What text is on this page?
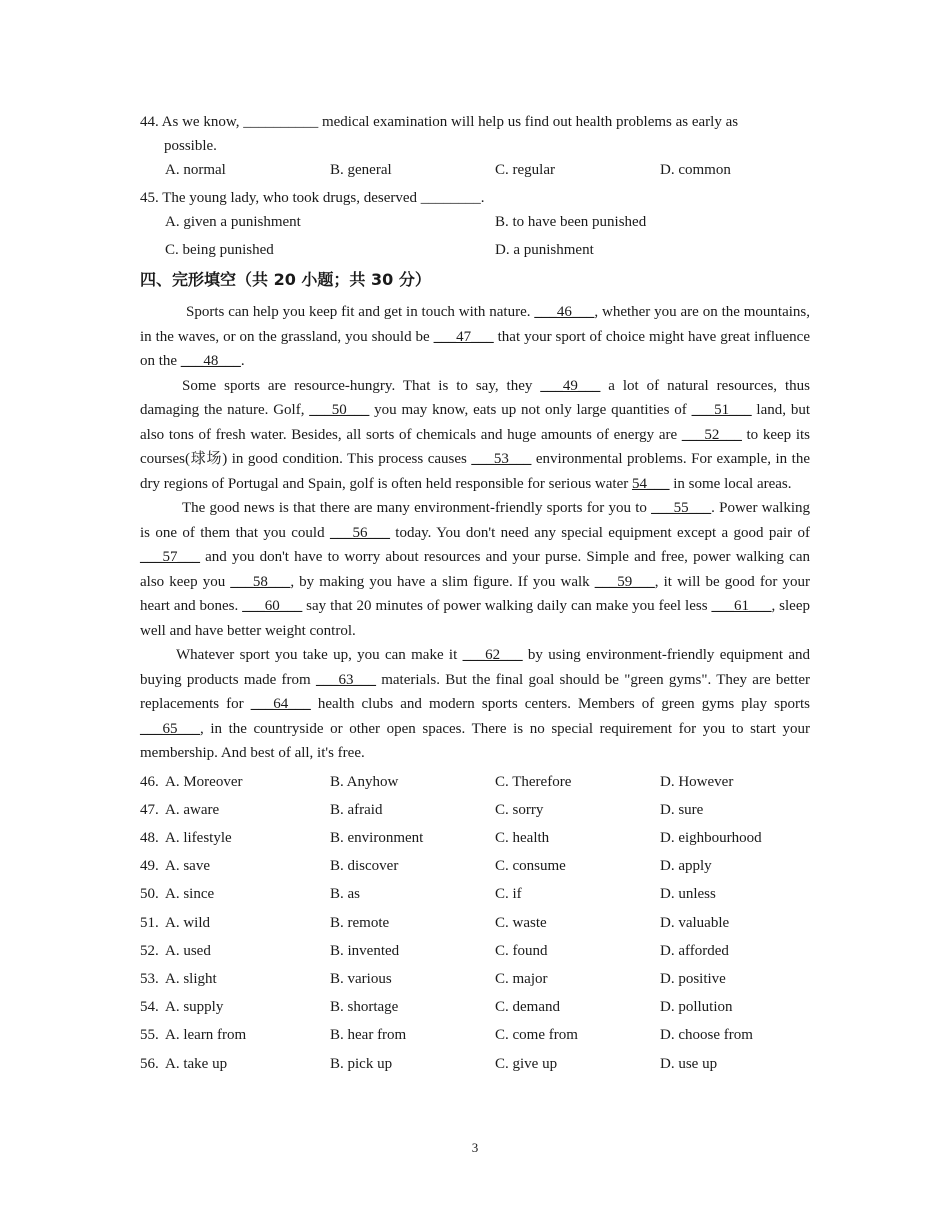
44. As we know, __________ medical examination will help us find out health problems as early as
possible.
A. normal	B. general	C. regular	D. common
45. The young lady, who took drugs, deserved ________.
A. given a punishment	B. to have been punished
C. being punished	D. a punishment
四、完形填空（共 20 小题；共 30 分）
Sports can help you keep fit and get in touch with nature. ___46___, whether you are on the mountains, in the waves, or on the grassland, you should be ___47___ that your sport of choice might have great influence on the ___48___.
Some sports are resource-hungry. That is to say, they ___49___ a lot of natural resources, thus damaging the nature. Golf, ___50___ you may know, eats up not only large quantities of ___51___ land, but also tons of fresh water. Besides, all sorts of chemicals and huge amounts of energy are ___52___ to keep its courses(球场) in good condition. This process causes ___53___ environmental problems. For example, in the dry regions of Portugal and Spain, golf is often held responsible for serious water 54___ in some local areas.
The good news is that there are many environment-friendly sports for you to ___55___. Power walking is one of them that you could ___56___ today. You don't need any special equipment except a good pair of ___57___ and you don't have to worry about resources and your purse. Simple and free, power walking can also keep you ___58___, by making you have a slim figure. If you walk ___59___, it will be good for your heart and bones. ___60___ say that 20 minutes of power walking daily can make you feel less ___61___, sleep well and have better weight control.
Whatever sport you take up, you can make it ___62___ by using environment-friendly equipment and buying products made from ___63___ materials. But the final goal should be "green gyms". They are better replacements for ___64___ health clubs and modern sports centers. Members of green gyms play sports ___65___, in the countryside or other open spaces. There is no special requirement for you to start your membership. And best of all, it's free.
46. A. Moreover	B. Anyhow	C. Therefore	D. However
47. A. aware	B. afraid	C. sorry	D. sure
48. A. lifestyle	B. environment	C. health	D. eighbourhood
49. A. save	B. discover	C. consume	D. apply
50. A. since	B. as	C. if	D. unless
51. A. wild	B. remote	C. waste	D. valuable
52. A. used	B. invented	C. found	D. afforded
53. A. slight	B. various	C. major	D. positive
54. A. supply	B. shortage	C. demand	D. pollution
55. A. learn from	B. hear from	C. come from	D. choose from
56. A. take up	B. pick up	C. give up	D. use up
3
